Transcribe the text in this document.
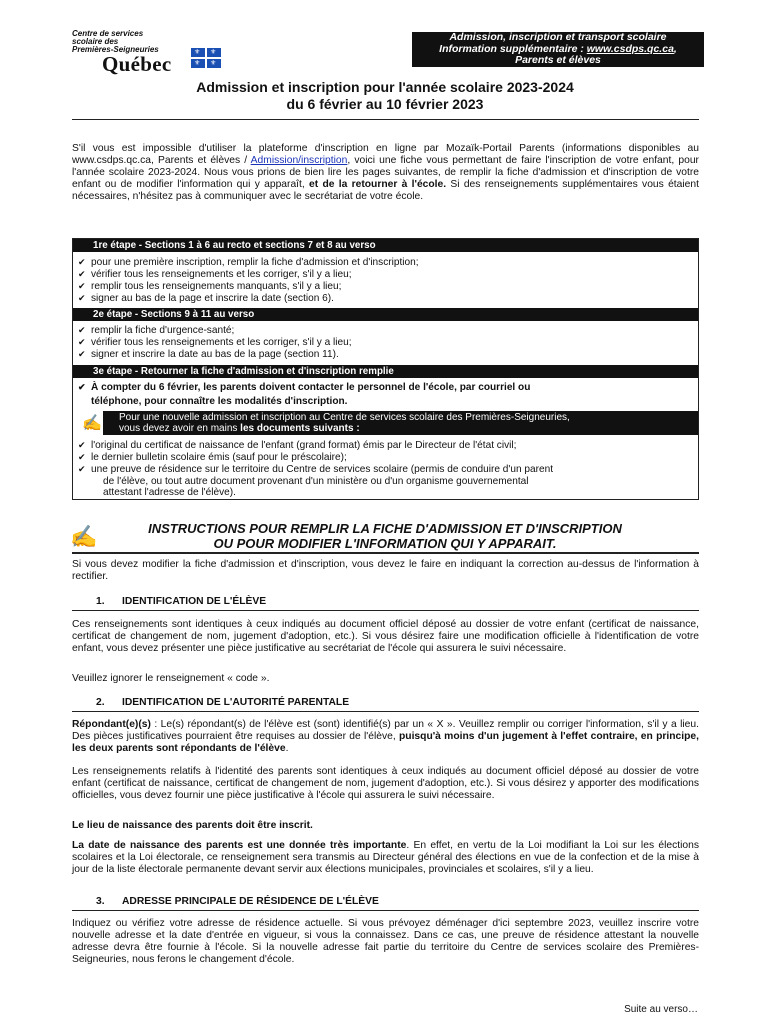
Centre de services
scolaire des
Premières-Seigneuries
Québec	⚜ ⚜
⚜ ⚜
Admission, inscription et transport scolaire
Information supplémentaire : www.csdps.qc.ca,
Parents et élèves
Admission et inscription pour l'année scolaire 2023-2024
du 6 février au 10 février 2023
S'il vous est impossible d'utiliser la plateforme d'inscription en ligne par Mozaïk-Portail Parents (informations disponibles au www.csdps.qc.ca, Parents et élèves / Admission/inscription, voici une fiche vous permettant de faire l'inscription de votre enfant, pour l'année scolaire 2023-2024. Nous vous prions de bien lire les pages suivantes, de remplir la fiche d'admission et d'inscription de votre enfant ou de modifier l'information qui y apparaît, et de la retourner à l'école. Si des renseignements supplémentaires vous étaient nécessaires, n'hésitez pas à communiquer avec le secrétariat de votre école.
1re étape - Sections 1 à 6 au recto et sections 7 et 8 au verso
✔ pour une première inscription, remplir la fiche d'admission et d'inscription;
✔ vérifier tous les renseignements et les corriger, s'il y a lieu;
✔ remplir tous les renseignements manquants, s'il y a lieu;
✔ signer au bas de la page et inscrire la date (section 6).
2e étape - Sections 9 à 11 au verso
✔ remplir la fiche d'urgence-santé;
✔ vérifier tous les renseignements et les corriger, s'il y a lieu;
✔ signer et inscrire la date au bas de la page (section 11).
3e étape - Retourner la fiche d'admission et d'inscription remplie
✔ À compter du 6 février, les parents doivent contacter le personnel de l'école, par courriel ou
téléphone, pour connaître les modalités d'inscription.
✍ Pour une nouvelle admission et inscription au Centre de services scolaire des Premières-Seigneuries,
vous devez avoir en mains les documents suivants :
✔ l'original du certificat de naissance de l'enfant (grand format) émis par le Directeur de l'état civil;
✔ le dernier bulletin scolaire émis (sauf pour le préscolaire);
✔ une preuve de résidence sur le territoire du Centre de services scolaire (permis de conduire d'un parent
de l'élève, ou tout autre document provenant d'un ministère ou d'un organisme gouvernemental
attestant l'adresse de l'élève).
✍	INSTRUCTIONS POUR REMPLIR LA FICHE D'ADMISSION ET D'INSCRIPTION
OU POUR MODIFIER L'INFORMATION QUI Y APPARAIT.
Si vous devez modifier la fiche d'admission et d'inscription, vous devez le faire en indiquant la correction au-dessus de l'information à rectifier.
1. IDENTIFICATION DE L'ÉLÈVE
Ces renseignements sont identiques à ceux indiqués au document officiel déposé au dossier de votre enfant (certificat de naissance, certificat de changement de nom, jugement d'adoption, etc.). Si vous désirez faire une modification officielle à l'identification de votre enfant, vous devez présenter une pièce justificative au secrétariat de l'école qui assurera le suivi nécessaire.
Veuillez ignorer le renseignement « code ».
2. IDENTIFICATION DE L'AUTORITÉ PARENTALE
Répondant(e)(s) : Le(s) répondant(s) de l'élève est (sont) identifié(s) par un « X ». Veuillez remplir ou corriger l'information, s'il y a lieu. Des pièces justificatives pourraient être requises au dossier de l'élève, puisqu'à moins d'un jugement à l'effet contraire, en principe, les deux parents sont répondants de l'élève.
Les renseignements relatifs à l'identité des parents sont identiques à ceux indiqués au document officiel déposé au dossier de votre enfant (certificat de naissance, certificat de changement de nom, jugement d'adoption, etc.). Si vous désirez y apporter des modifications officielles, vous devez fournir une pièce justificative à l'école qui assurera le suivi nécessaire.
Le lieu de naissance des parents doit être inscrit.
La date de naissance des parents est une donnée très importante. En effet, en vertu de la Loi modifiant la Loi sur les élections scolaires et la Loi électorale, ce renseignement sera transmis au Directeur général des élections en vue de la confection et de la mise à jour de la liste électorale permanente devant servir aux élections municipales, provinciales et scolaires, s'il y a lieu.
3. ADRESSE PRINCIPALE DE RÉSIDENCE DE L'ÉLÈVE
Indiquez ou vérifiez votre adresse de résidence actuelle. Si vous prévoyez déménager d'ici septembre 2023, veuillez inscrire votre nouvelle adresse et la date d'entrée en vigueur, si vous la connaissez. Dans ce cas, une preuve de résidence attestant la nouvelle adresse devra être fournie à l'école. Si la nouvelle adresse fait partie du territoire du Centre de services scolaire des Premières-Seigneuries, nous ferons le changement d'école.
Suite au verso…
